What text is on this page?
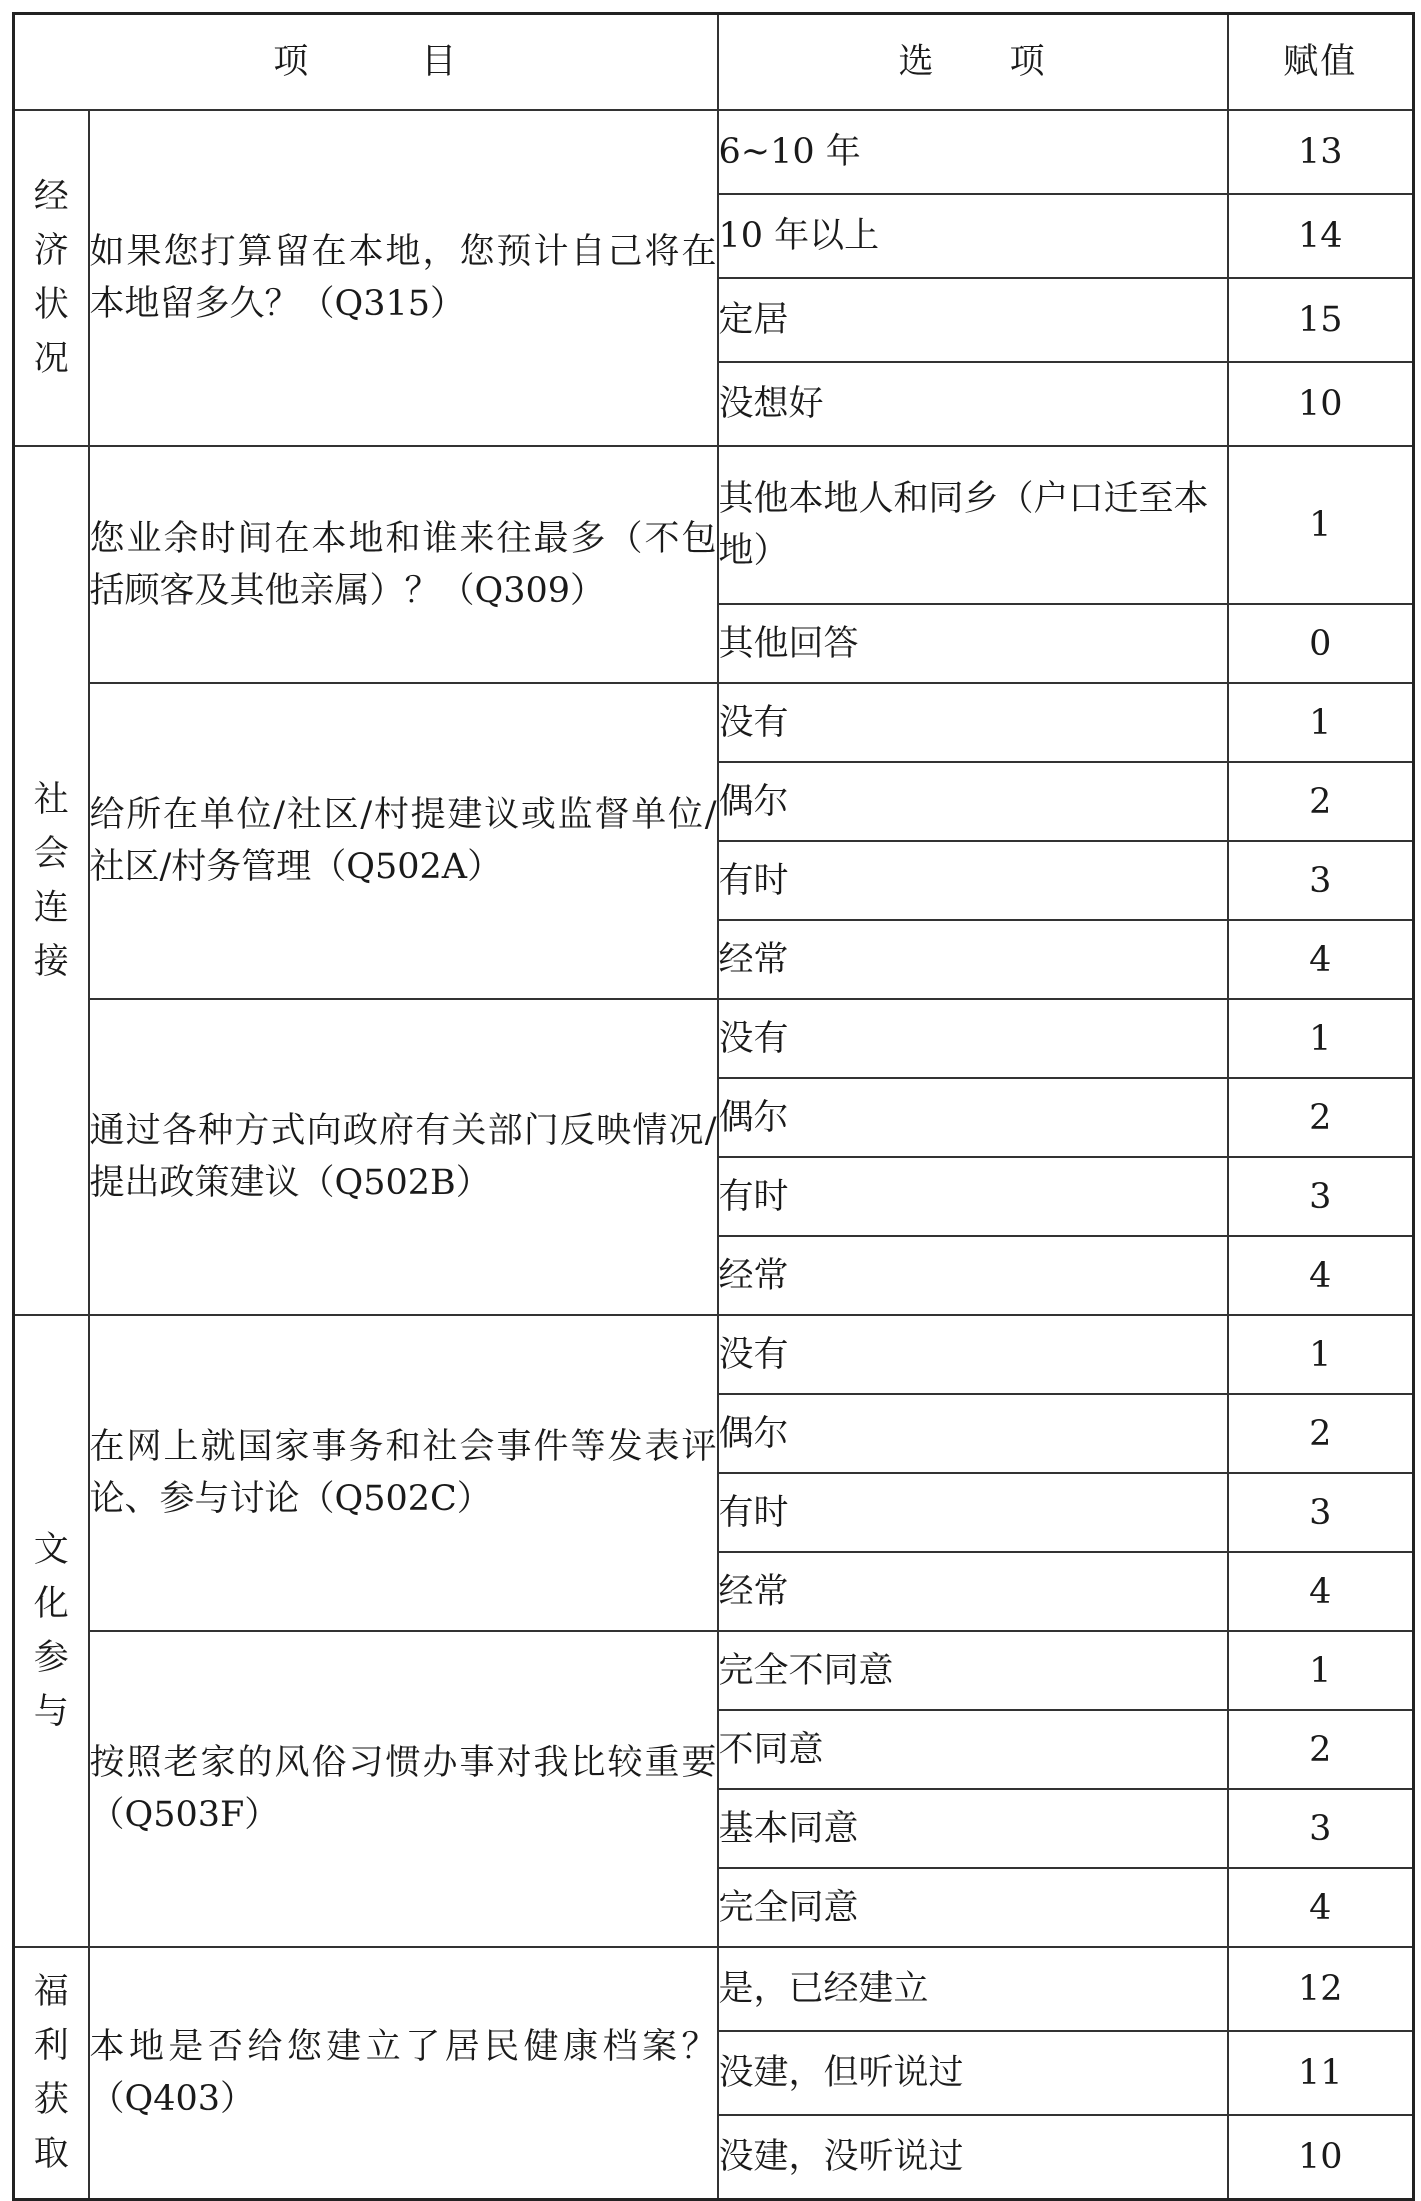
项　　　目		选　　项	赋值
经济状况	如果您打算留在本地，您预计自己将在本地留多久？（Q315）	6~10 年	13
		10 年以上	14
		定居	15
		没想好	10
社会连接	您业余时间在本地和谁来往最多（不包括顾客及其他亲属）？（Q309）	其他本地人和同乡（户口迁至本地）	1
		其他回答	0
	给所在单位/社区/村提建议或监督单位/社区/村务管理（Q502A）	没有	1
		偶尔	2
		有时	3
		经常	4
	通过各种方式向政府有关部门反映情况/提出政策建议（Q502B）	没有	1
		偶尔	2
		有时	3
		经常	4
文化参与	在网上就国家事务和社会事件等发表评论、参与讨论（Q502C）	没有	1
		偶尔	2
		有时	3
		经常	4
	按照老家的风俗习惯办事对我比较重要（Q503F）	完全不同意	1
		不同意	2
		基本同意	3
		完全同意	4
福利获取	本地是否给您建立了居民健康档案？（Q403）	是，已经建立	12
		没建，但听说过	11
		没建，没听说过	10
